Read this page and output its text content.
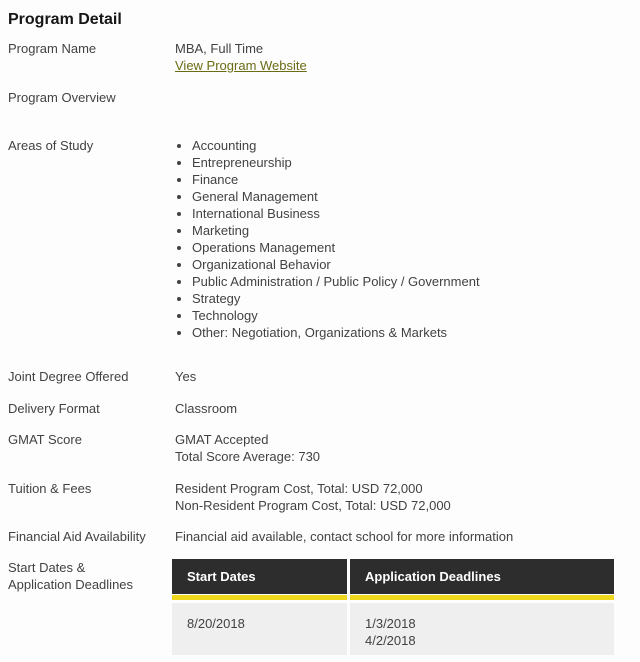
Program Detail
Program Name	MBA, Full Time
View Program Website
Program Overview
Areas of Study	• Accounting
• Entrepreneurship
• Finance
• General Management
• International Business
• Marketing
• Operations Management
• Organizational Behavior
• Public Administration / Public Policy / Government
• Strategy
• Technology
• Other: Negotiation, Organizations & Markets
Joint Degree Offered	Yes
Delivery Format	Classroom
GMAT Score	GMAT Accepted
Total Score Average: 730
Tuition & Fees	Resident Program Cost, Total: USD 72,000
Non-Resident Program Cost, Total: USD 72,000
Financial Aid Availability	Financial aid available, contact school for more information
Start Dates &
Application Deadlines
Start Dates	Application Deadlines
8/20/2018	1/3/2018
4/2/2018
